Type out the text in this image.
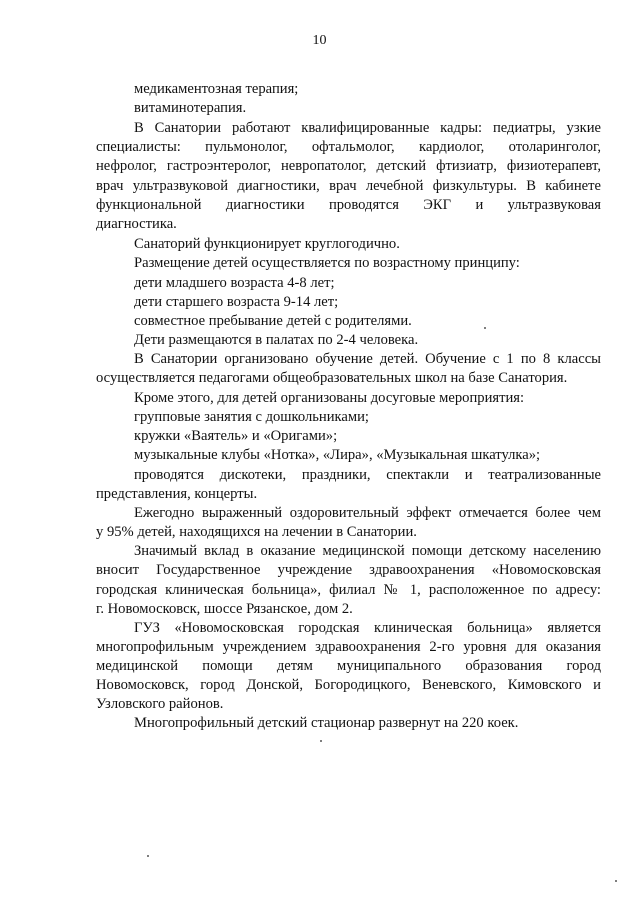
10
медикаментозная терапия;
витаминотерапия.
В Санатории работают квалифицированные кадры: педиатры, узкие
специалисты: пульмонолог, офтальмолог, кардиолог, отоларинголог,
нефролог, гастроэнтеролог, невропатолог, детский фтизиатр, физиотерапевт,
врач ультразвуковой диагностики, врач лечебной физкультуры. В кабинете
функциональной диагностики проводятся ЭКГ и ультразвуковая
диагностика.
Санаторий функционирует круглогодично.
Размещение детей осуществляется по возрастному принципу:
дети младшего возраста 4-8 лет;
дети старшего возраста 9-14 лет;
совместное пребывание детей с родителями.
Дети размещаются в палатах по 2-4 человека.
В Санатории организовано обучение детей. Обучение с 1 по 8 классы
осуществляется педагогами общеобразовательных школ на базе Санатория.
Кроме этого, для детей организованы досуговые мероприятия:
групповые занятия с дошкольниками;
кружки «Ваятель» и «Оригами»;
музыкальные клубы «Нотка», «Лира», «Музыкальная шкатулка»;
проводятся дискотеки, праздники, спектакли и театрализованные
представления, концерты.
Ежегодно выраженный оздоровительный эффект отмечается более чем
у 95% детей, находящихся на лечении в Санатории.
Значимый вклад в оказание медицинской помощи детскому населению
вносит Государственное учреждение здравоохранения «Новомосковская
городская клиническая больница», филиал № 1, расположенное по адресу:
г. Новомосковск, шоссе Рязанское, дом 2.
ГУЗ «Новомосковская городская клиническая больница» является
многопрофильным учреждением здравоохранения 2-го уровня для оказания
медицинской помощи детям муниципального образования город
Новомосковск, город Донской, Богородицкого, Веневского, Кимовского и
Узловского районов.
Многопрофильный детский стационар развернут на 220 коек.
